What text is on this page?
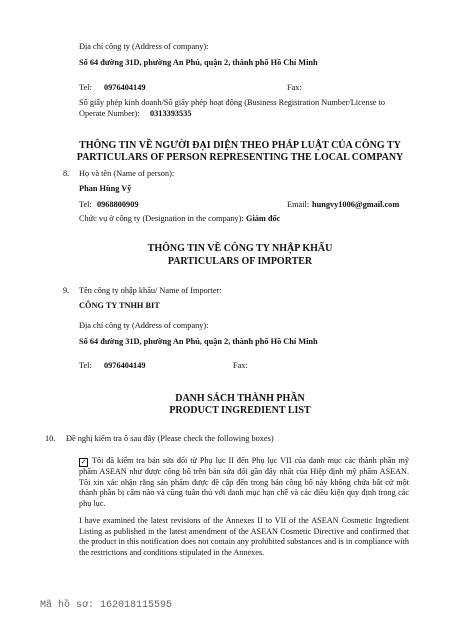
Địa chỉ công ty (Address of company):
Số 64 đường 31D, phường An Phú, quận 2, thành phố Hồ Chí Minh
Tel: 0976404149	Fax:
Số giấy phép kinh doanh/Số giấy phép hoạt động (Business Registration Number/License to
Operate Number): 0313393535
THÔNG TIN VỀ NGƯỜI ĐẠI DIỆN THEO PHÁP LUẬT CỦA CÔNG TY
PARTICULARS OF PERSON REPRESENTING THE LOCAL COMPANY
8. Họ và tên (Name of person):
Phan Hùng Vỹ
Tel: 0968800909	Email: hungvy1006@gmail.com
Chức vụ ở công ty (Designation in the company): Giám đốc
THÔNG TIN VỀ CÔNG TY NHẬP KHẨU
PARTICULARS OF IMPORTER
9. Tên công ty nhập khẩu/ Name of Importer:
CÔNG TY TNHH BIT
Địa chỉ công ty (Address of company):
Số 64 đường 31D, phường An Phú, quận 2, thành phố Hồ Chí Minh
Tel: 0976404149	Fax:
DANH SÁCH THÀNH PHẦN
PRODUCT INGREDIENT LIST
10. Đề nghị kiểm tra ô sau đây (Please check the following boxes)
✓ Tôi đã kiểm tra bản sửa đổi từ Phụ lục II đến Phụ lục VII của danh mục các thành phần mỹ phẩm ASEAN như được công bố trên bản sửa đổi gần đây nhất của Hiệp định mỹ phẩm ASEAN. Tôi xin xác nhận rằng sản phẩm được đề cập đến trong bản công bố này không chứa bất cứ một thành phần bị cấm nào và cũng tuân thủ với danh mục hạn chế và các điều kiện quy định trong các phụ lục.
I have examined the latest revisions of the Annexes II to VII of the ASEAN Cosmetic Ingredient Listing as published in the latest amendment of the ASEAN Cosmetic Directive and confirmed that the product in this notification does not contain any prohibited substances and is in compliance with the restrictions and conditions stipulated in the Annexes.
Mã hồ sơ: 162018115595
